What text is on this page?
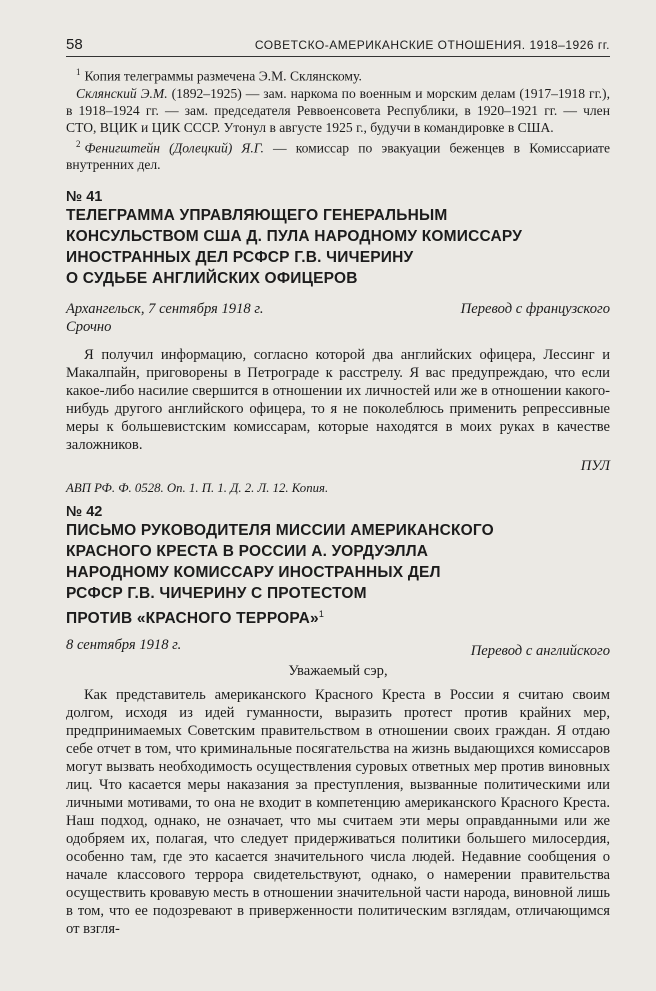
58	СОВЕТСКО-АМЕРИКАНСКИЕ ОТНОШЕНИЯ. 1918–1926 гг.

$^1$ Копия телеграммы размечена Э.М. Склянскому.

Склянский Э.М. (1892–1925) — зам. наркома по военным и морским делам (1917–1918 гг.), в 1918–1924 гг. — зам. председателя Реввоенсовета Республики, в 1920–1921 гг. — член СТО, ВЦИК и ЦИК СССР. Утонул в августе 1925 г., будучи в командировке в США.

$^2$ Фенигштейн (Долецкий) Я.Г. — комиссар по эвакуации беженцев в Комиссариате внутренних дел.

№ 41

ТЕЛЕГРАММА УПРАВЛЯЮЩЕГО ГЕНЕРАЛЬНЫМ

КОНСУЛЬСТВОМ США Д. ПУЛА НАРОДНОМУ КОМИССАРУ

ИНОСТРАННЫХ ДЕЛ РСФСР Г.В. ЧИЧЕРИНУ

О СУДЬБЕ АНГЛИЙСКИХ ОФИЦЕРОВ

Архангельск, 7 сентября 1918 г.
Срочно
Перевод с французского

Я получил информацию, согласно которой два английских офицера, Лессинг и Макалпайн, приговорены в Петрограде к расстрелу. Я вас предупреждаю, что если какое-либо насилие свершится в отношении их личностей или же в отношении какого-нибудь другого английского офицера, то я не поколеблюсь применить репрессивные меры к большевистским комиссарам, которые находятся в моих руках в качестве заложников.

ПУЛ
АВП РФ. Ф. 0528. Оп. 1. П. 1. Д. 2. Л. 12. Копия.
№ 42

ПИСЬМО РУКОВОДИТЕЛЯ МИССИИ АМЕРИКАНСКОГО

КРАСНОГО КРЕСТА В РОССИИ А. УОРДУЭЛЛА

НАРОДНОМУ КОМИССАРУ ИНОСТРАННЫХ ДЕЛ

РСФСР Г.В. ЧИЧЕРИНУ С ПРОТЕСТОМ

ПРОТИВ «КРАСНОГО ТЕРРОРА»$^1$

8 сентября 1918 г.	Перевод с английского
Уважаемый сэр,

Как представитель американского Красного Креста в России я считаю своим долгом, исходя из идей гуманности, выразить протест против крайних мер, предпринимаемых Советским правительством в отношении своих граждан. Я отдаю себе отчет в том, что криминальные посягательства на жизнь выдающихся комиссаров могут вызвать необходимость осуществления суровых ответных мер против виновных лиц. Что касается меры наказания за преступления, вызванные политическими или личными мотивами, то она не входит в компетенцию американского Красного Креста. Наш подход, однако, не означает, что мы считаем эти меры оправданными или же одобряем их, полагая, что следует придерживаться политики большего милосердия, особенно там, где это касается значительного числа людей. Недавние сообщения о начале классового террора свидетельствуют, однако, о намерении правительства осуществить кровавую месть в отношении значительной части народа, виновной лишь в том, что ее подозревают в приверженности политическим взглядам, отличающимся от взгля-
